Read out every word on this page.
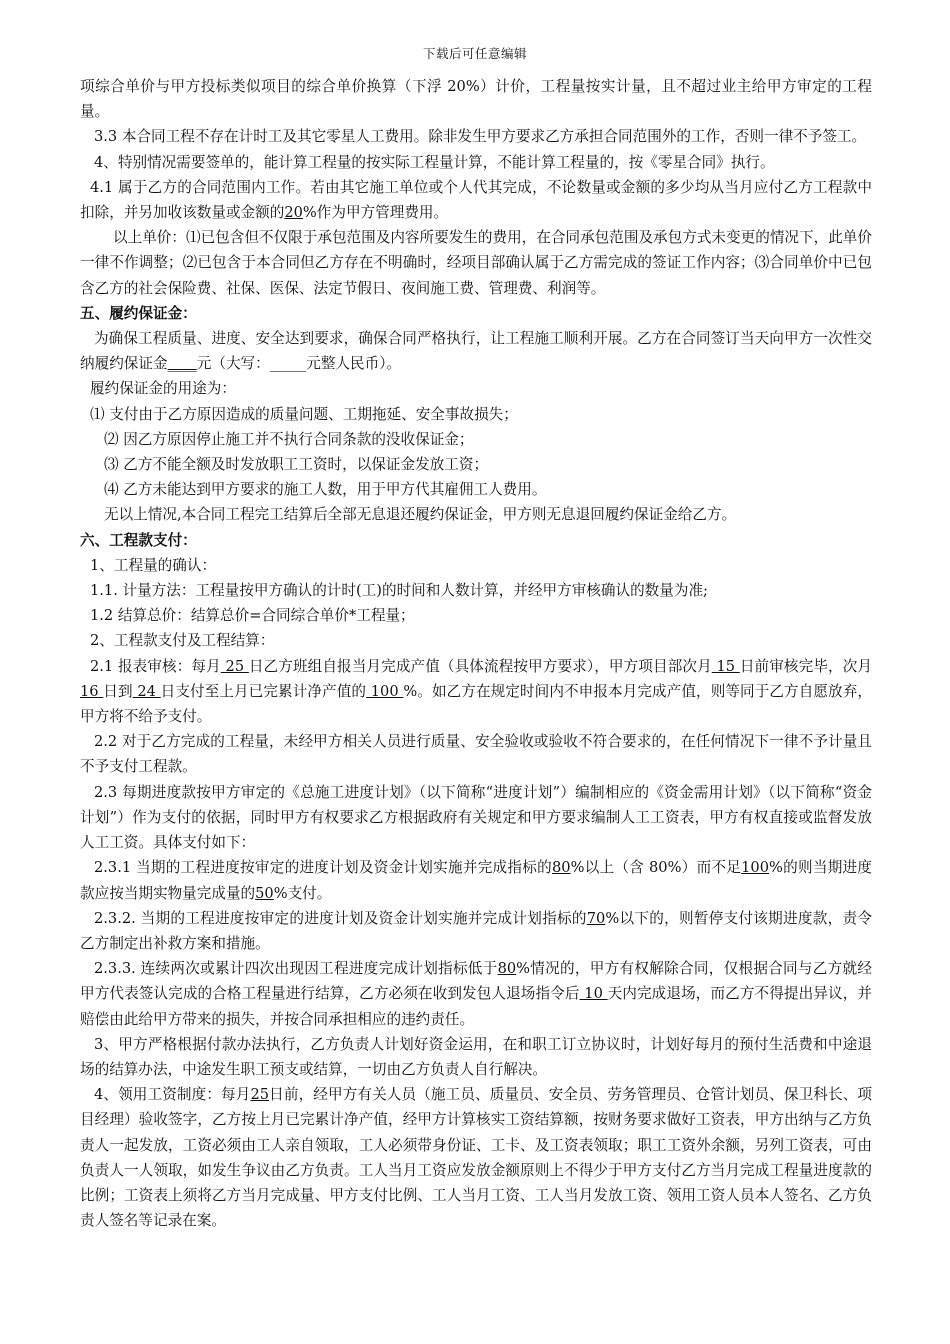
下载后可任意编辑

项综合单价与甲方投标类似项目的综合单价换算（下浮 20%）计价，工程量按实计量，且不超过业主给甲方审定的工程量。

3.3 本合同工程不存在计时工及其它零星人工费用。除非发生甲方要求乙方承担合同范围外的工作，否则一律不予签工。

4、特别情况需要签单的，能计算工程量的按实际工程量计算，不能计算工程量的，按《零星合同》执行。

4.1 属于乙方的合同范围内工作。若由其它施工单位或个人代其完成，不论数量或金额的多少均从当月应付乙方工程款中扣除，并另加收该数量或金额的20%作为甲方管理费用。

以上单价：⑴已包含但不仅限于承包范围及内容所要发生的费用，在合同承包范围及承包方式未变更的情况下，此单价一律不作调整；⑵已包含于本合同但乙方存在不明确时，经项目部确认属于乙方需完成的签证工作内容；⑶合同单价中已包含乙方的社会保险费、社保、医保、法定节假日、夜间施工费、管理费、利润等。

五、履约保证金：

为确保工程质量、进度、安全达到要求，确保合同严格执行，让工程施工顺利开展。乙方在合同签订当天向甲方一次性交纳履约保证金____元（大写：_____元整人民币）。

履约保证金的用途为：

⑴ 支付由于乙方原因造成的质量问题、工期拖延、安全事故损失；

⑵ 因乙方原因停止施工并不执行合同条款的没收保证金；

⑶ 乙方不能全额及时发放职工工资时，以保证金发放工资；

⑷ 乙方未能达到甲方要求的施工人数，用于甲方代其雇佣工人费用。

无以上情况,本合同工程完工结算后全部无息退还履约保证金，甲方则无息退回履约保证金给乙方。

六、工程款支付：

1、工程量的确认：

1.1. 计量方法：工程量按甲方确认的计时(工)的时间和人数计算，并经甲方审核确认的数量为准;

1.2 结算总价：结算总价=合同综合单价*工程量；

2、工程款支付及工程结算：

2.1 报表审核：每月 25 日乙方班组自报当月完成产值（具体流程按甲方要求），甲方项目部次月 15 日前审核完毕，次月 16 日到 24 日支付至上月已完累计净产值的 100 %。如乙方在规定时间内不申报本月完成产值，则等同于乙方自愿放弃，甲方将不给予支付。

2.2 对于乙方完成的工程量，未经甲方相关人员进行质量、安全验收或验收不符合要求的，在任何情况下一律不予计量且不予支付工程款。

2.3 每期进度款按甲方审定的《总施工进度计划》（以下简称“进度计划”）编制相应的《资金需用计划》（以下简称“资金计划”）作为支付的依据，同时甲方有权要求乙方根据政府有关规定和甲方要求编制人工工资表，甲方有权直接或监督发放人工工资。具体支付如下：

2.3.1 当期的工程进度按审定的进度计划及资金计划实施并完成指标的80%以上（含 80%）而不足100%的则当期进度款应按当期实物量完成量的50%支付。

2.3.2. 当期的工程进度按审定的进度计划及资金计划实施并完成计划指标的70%以下的，则暂停支付该期进度款，责令乙方制定出补救方案和措施。

2.3.3. 连续两次或累计四次出现因工程进度完成计划指标低于80%情况的，甲方有权解除合同，仅根据合同与乙方就经甲方代表签认完成的合格工程量进行结算，乙方必须在收到发包人退场指令后 10 天内完成退场，而乙方不得提出异议，并赔偿由此给甲方带来的损失，并按合同承担相应的违约责任。

3、甲方严格根据付款办法执行，乙方负责人计划好资金运用，在和职工订立协议时，计划好每月的预付生活费和中途退场的结算办法，中途发生职工预支或结算，一切由乙方负责人自行解决。

4、领用工资制度：每月25日前，经甲方有关人员（施工员、质量员、安全员、劳务管理员、仓管计划员、保卫科长、项目经理）验收签字，乙方按上月已完累计净产值，经甲方计算核实工资结算额，按财务要求做好工资表，甲方出纳与乙方负责人一起发放，工资必须由工人亲自领取，工人必须带身份证、工卡、及工资表领取；职工工资外余额，另列工资表，可由负责人一人领取，如发生争议由乙方负责。工人当月工资应发放金额原则上不得少于甲方支付乙方当月完成工程量进度款的比例；工资表上须将乙方当月完成量、甲方支付比例、工人当月工资、工人当月发放工资、领用工资人员本人签名、乙方负责人签名等记录在案。
